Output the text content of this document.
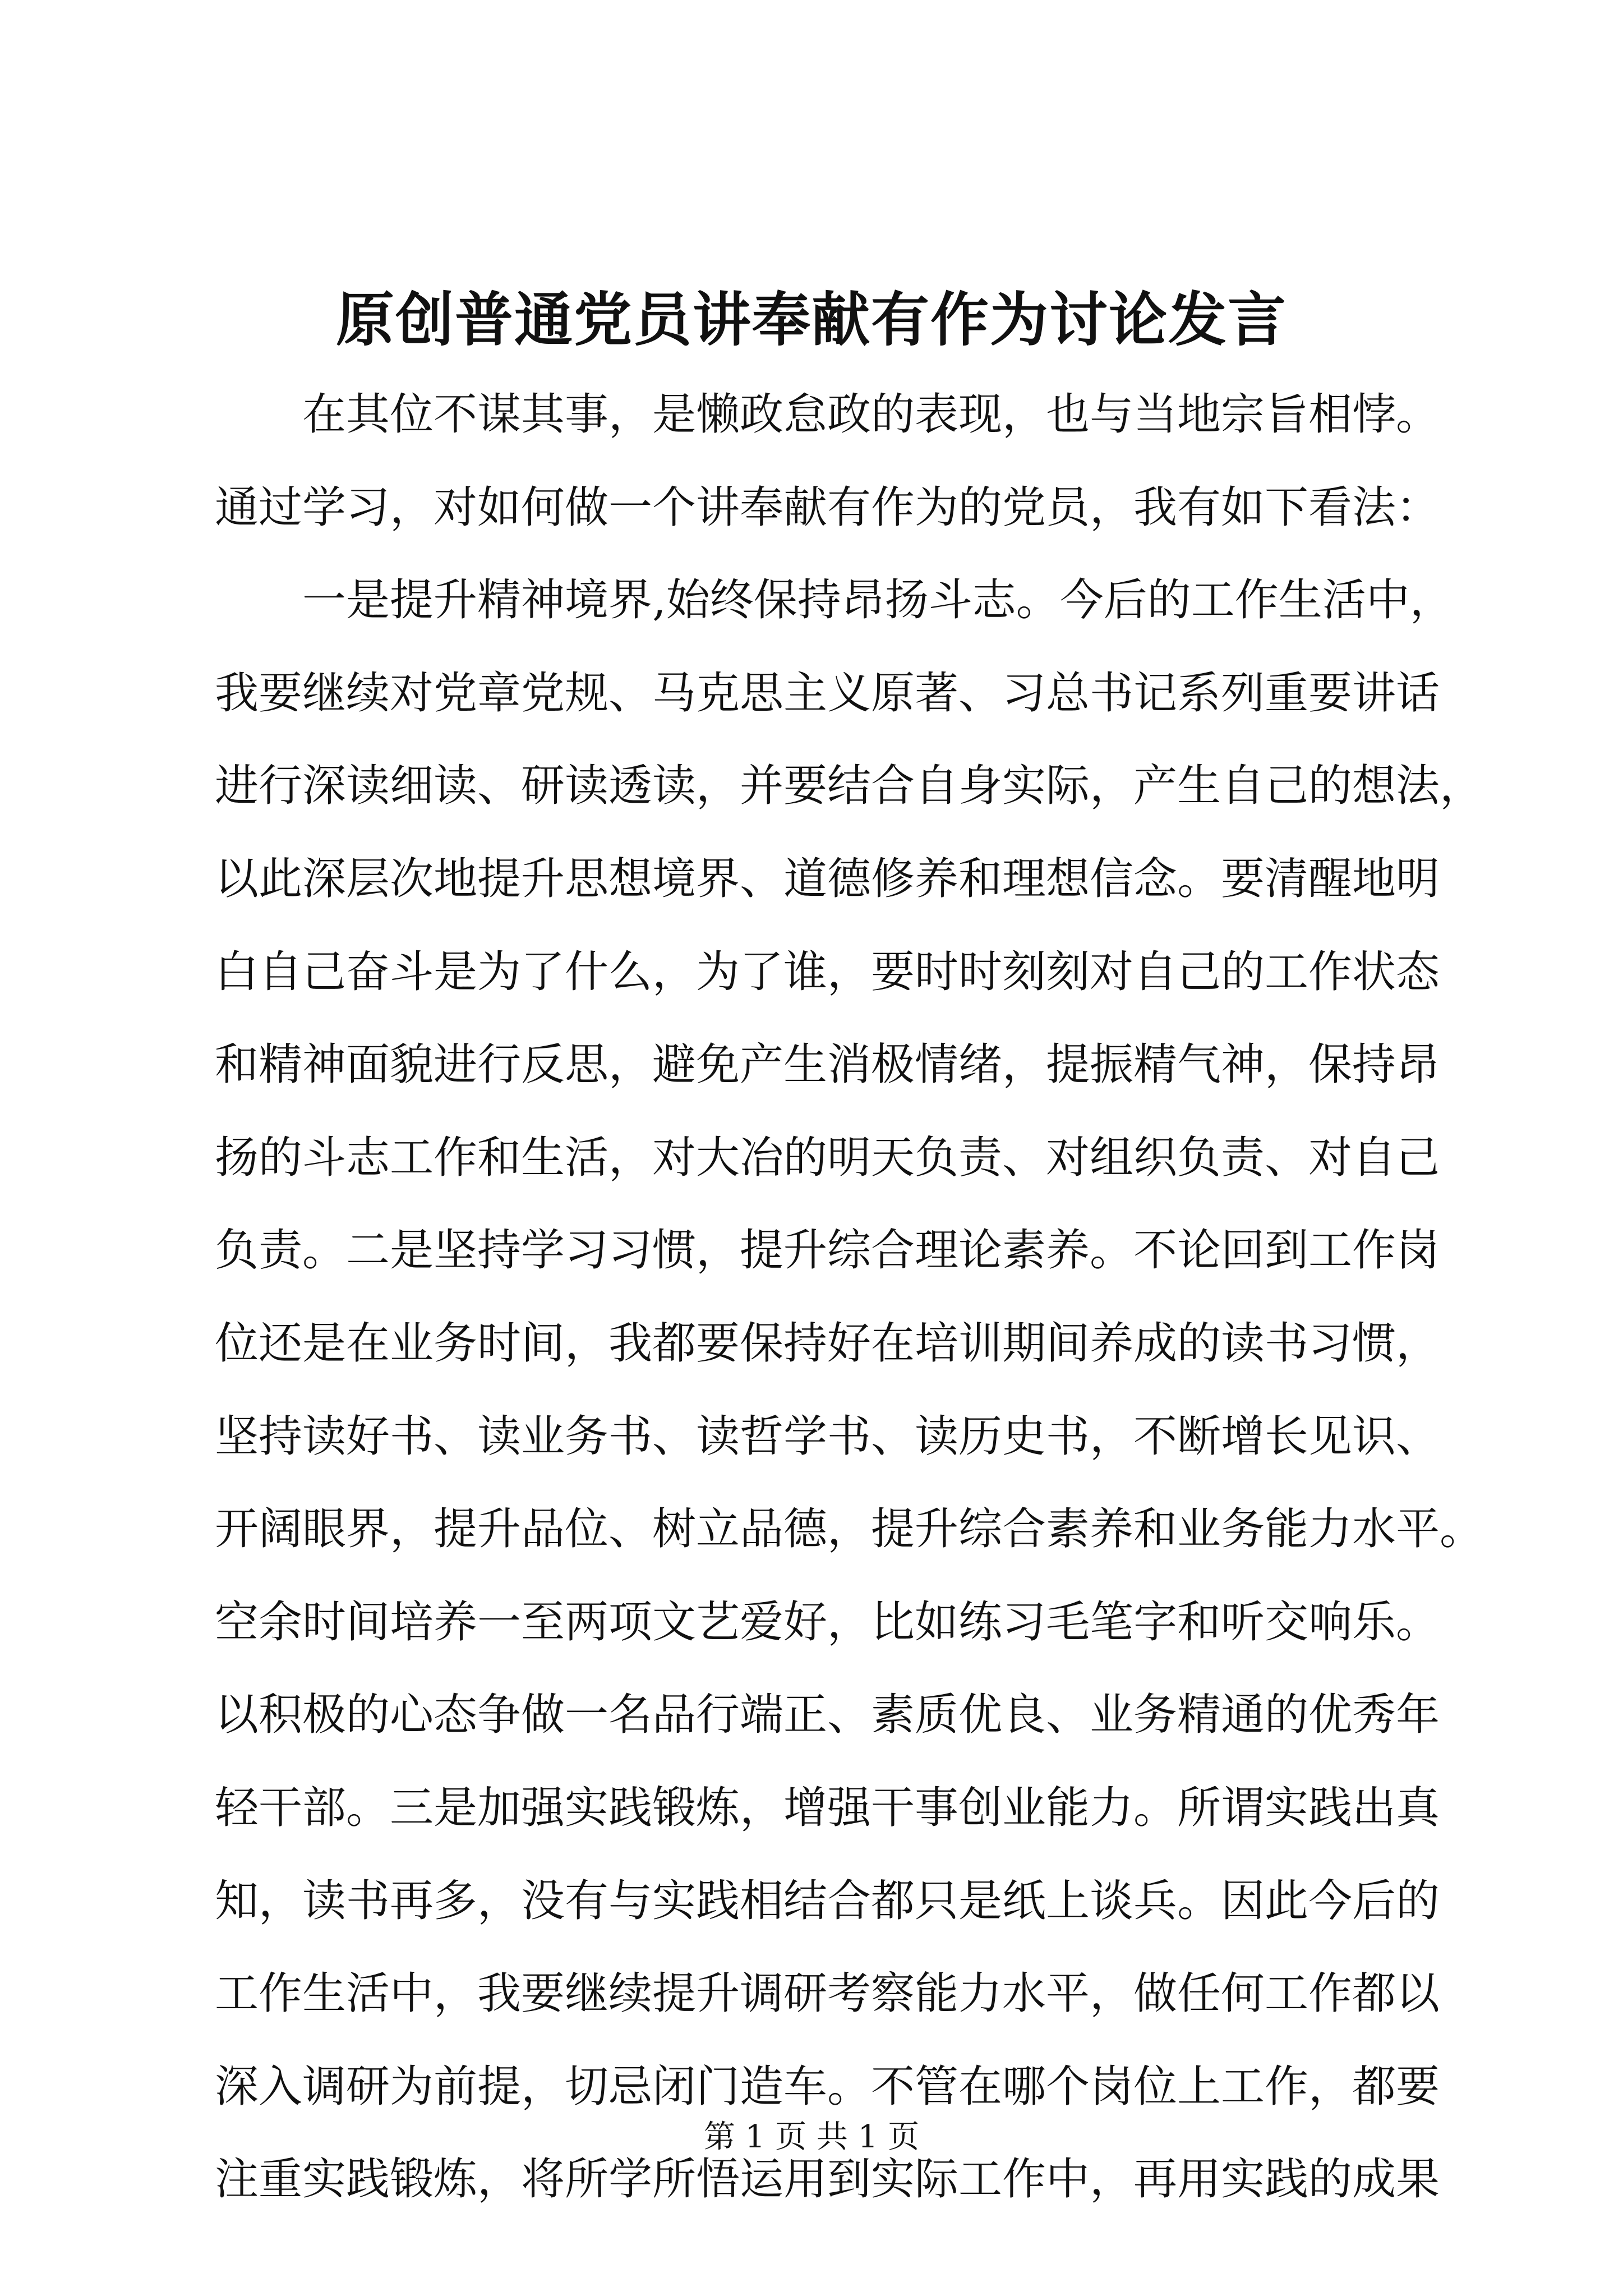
原创普通党员讲奉献有作为讨论发言
　　在其位不谋其事，是懒政怠政的表现，也与当地宗旨相悖。
通过学习，对如何做一个讲奉献有作为的党员，我有如下看法：
　　一是提升精神境界,始终保持昂扬斗志。今后的工作生活中，
我要继续对党章党规、马克思主义原著、习总书记系列重要讲话
进行深读细读、研读透读，并要结合自身实际，产生自己的想法，
以此深层次地提升思想境界、道德修养和理想信念。要清醒地明
白自己奋斗是为了什么，为了谁，要时时刻刻对自己的工作状态
和精神面貌进行反思，避免产生消极情绪，提振精气神，保持昂
扬的斗志工作和生活，对大冶的明天负责、对组织负责、对自己
负责。二是坚持学习习惯，提升综合理论素养。不论回到工作岗
位还是在业务时间，我都要保持好在培训期间养成的读书习惯，
坚持读好书、读业务书、读哲学书、读历史书，不断增长见识、
开阔眼界，提升品位、树立品德，提升综合素养和业务能力水平。
空余时间培养一至两项文艺爱好，比如练习毛笔字和听交响乐。
以积极的心态争做一名品行端正、素质优良、业务精通的优秀年
轻干部。三是加强实践锻炼，增强干事创业能力。所谓实践出真
知，读书再多，没有与实践相结合都只是纸上谈兵。因此今后的
工作生活中，我要继续提升调研考察能力水平，做任何工作都以
深入调研为前提，切忌闭门造车。不管在哪个岗位上工作，都要
注重实践锻炼，将所学所悟运用到实际工作中，再用实践的成果
第 1 页 共 1 页
